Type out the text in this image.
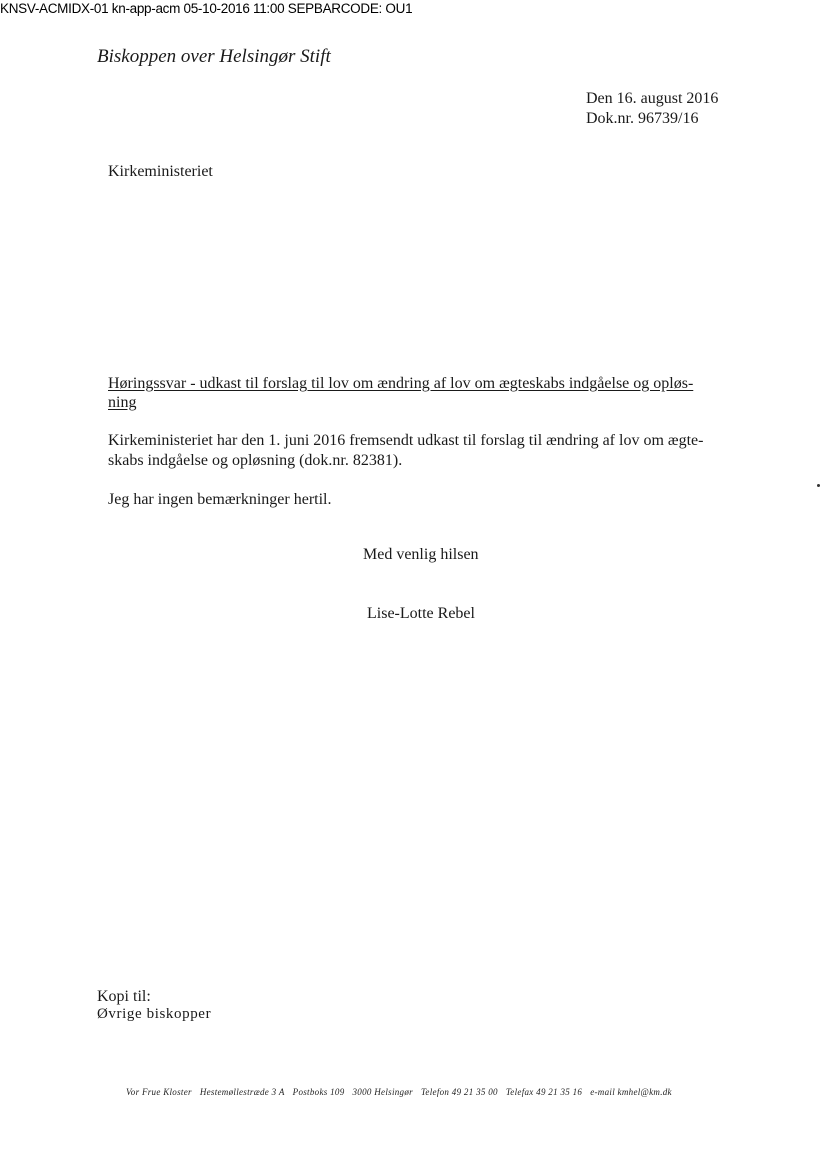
KNSV-ACMIDX-01 kn-app-acm 05-10-2016 11:00 SEPBARCODE: OU1
Biskoppen over Helsingør Stift
Den 16. august 2016
Dok.nr. 96739/16
Kirkeministeriet
Høringssvar - udkast til forslag til lov om ændring af lov om ægteskabs indgåelse og opløs-
ning
Kirkeministeriet har den 1. juni 2016 fremsendt udkast til forslag til ændring af lov om ægte-
skabs indgåelse og opløsning (dok.nr. 82381).
Jeg har ingen bemærkninger hertil.
Med venlig hilsen
Lise-Lotte Rebel
Kopi til:
Øvrige biskopper
Vor Frue Kloster Hestemøllestræde 3 A Postboks 109 3000 Helsingør Telefon 49 21 35 00 Telefax 49 21 35 16 e-mail kmhel@km.dk
